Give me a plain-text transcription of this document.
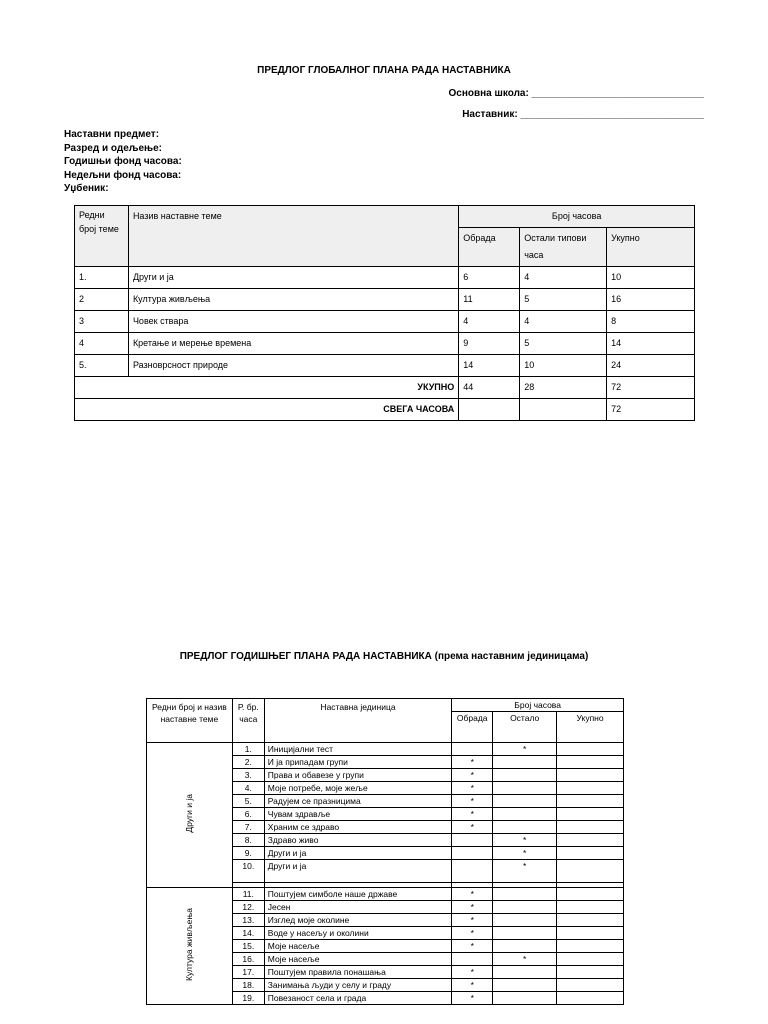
ПРЕДЛОГ ГЛОБАЛНОГ ПЛАНА РАДА НАСТАВНИКА
Основна школа: _______________________________
Наставник: _________________________________
Наставни предмет:
Разред и одељење:
Годишњи фонд часова:
Недељни фонд часова:
Уџбеник:
Редни број теме	Назив наставне теме	Број часова		
		Обрада	Остали типови часа	Укупно
1.	Други и ја	6	4	10
2	Култура живљења	11	5	16
3	Човек ствара	4	4	8
4	Кретање и мерење времена	9	5	14
5.	Разноврсност природе	14	10	24
УКУПНО		44	28	72
СВЕГА ЧАСОВА				72
ПРЕДЛОГ ГОДИШЊЕГ ПЛАНА РАДА НАСТАВНИКА (према наставним јединицама)
Редни број и назив наставне теме	Р. бр. часа	Наставна јединица	Број часова		
			Обрада	Остало	Укупно
Други и ја	1.	Иницијални тест		*	
	2.	И ја припадам групи	*		
	3.	Права и обавезе у групи	*		
	4.	Моје потребе, моје жеље	*		
	5.	Радујем се празницима	*		
	6.	Чувам здравље	*		
	7.	Храним се здраво	*		
	8.	Здраво живо		*	
	9.	Други и ја		*	
	10.	Други и ја		*	

Култура живљења	11.	Поштујем симболе наше државе	*		
	12.	Јесен	*		
	13.	Изглед моје околине	*		
	14.	Воде у насељу и околини	*		
	15.	Моје насеље	*		
	16.	Моје насеље		*	
	17.	Поштујем правила понашања	*		
	18.	Занимања људи у селу и граду	*		
	19.	Повезаност села и града	*		
